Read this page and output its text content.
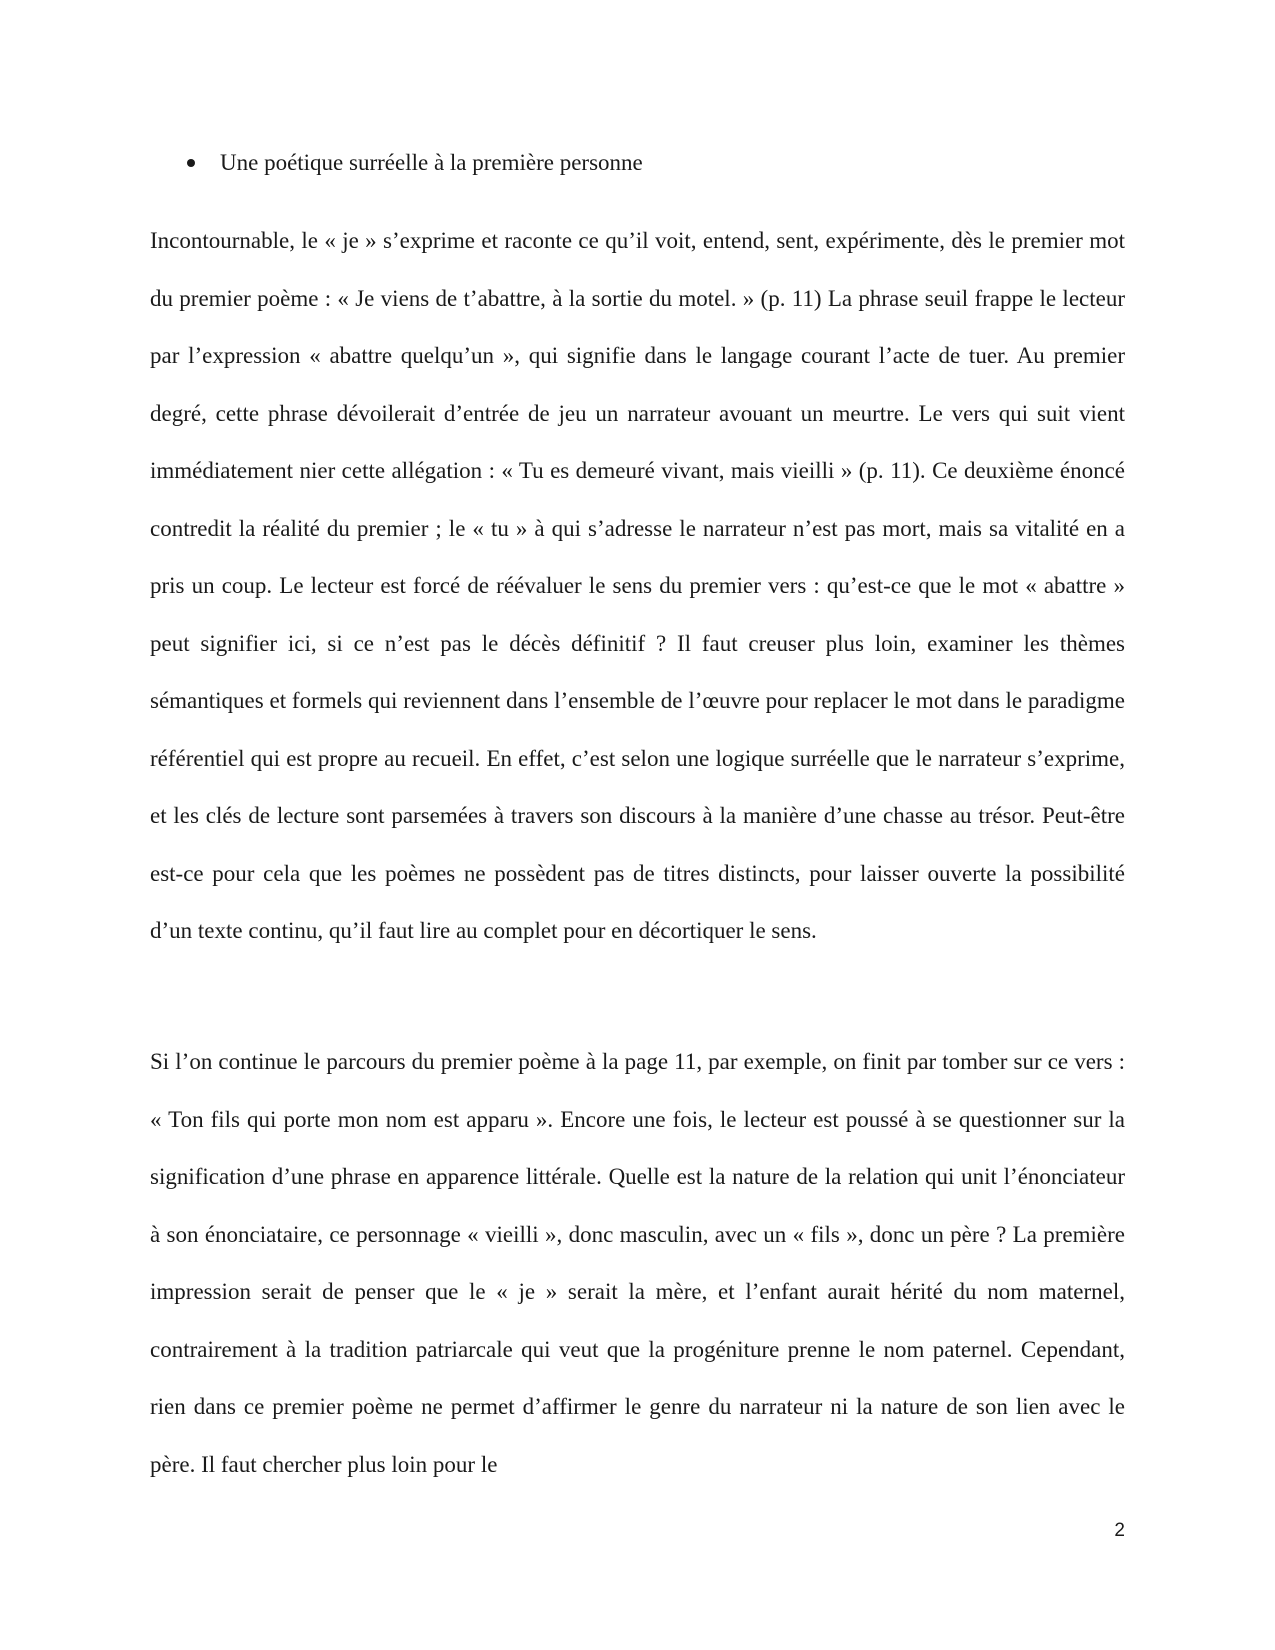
Une poétique surréelle à la première personne

Incontournable, le « je » s’exprime et raconte ce qu’il voit, entend, sent, expérimente, dès le premier mot du premier poème : « Je viens de t’abattre, à la sortie du motel. » (p. 11) La phrase seuil frappe le lecteur par l’expression « abattre quelqu’un », qui signifie dans le langage courant l’acte de tuer. Au premier degré, cette phrase dévoilerait d’entrée de jeu un narrateur avouant un meurtre. Le vers qui suit vient immédiatement nier cette allégation : « Tu es demeuré vivant, mais vieilli » (p. 11). Ce deuxième énoncé contredit la réalité du premier ; le « tu » à qui s’adresse le narrateur n’est pas mort, mais sa vitalité en a pris un coup. Le lecteur est forcé de réévaluer le sens du premier vers : qu’est-ce que le mot « abattre » peut signifier ici, si ce n’est pas le décès définitif ? Il faut creuser plus loin, examiner les thèmes sémantiques et formels qui reviennent dans l’ensemble de l’œuvre pour replacer le mot dans le paradigme référentiel qui est propre au recueil. En effet, c’est selon une logique surréelle que le narrateur s’exprime, et les clés de lecture sont parsemées à travers son discours à la manière d’une chasse au trésor. Peut-être est-ce pour cela que les poèmes ne possèdent pas de titres distincts, pour laisser ouverte la possibilité d’un texte continu, qu’il faut lire au complet pour en décortiquer le sens.

Si l’on continue le parcours du premier poème à la page 11, par exemple, on finit par tomber sur ce vers : « Ton fils qui porte mon nom est apparu ». Encore une fois, le lecteur est poussé à se questionner sur la signification d’une phrase en apparence littérale. Quelle est la nature de la relation qui unit l’énonciateur à son énonciataire, ce personnage « vieilli », donc masculin, avec un « fils », donc un père ? La première impression serait de penser que le « je » serait la mère, et l’enfant aurait hérité du nom maternel, contrairement à la tradition patriarcale qui veut que la progéniture prenne le nom paternel. Cependant, rien dans ce premier poème ne permet d’affirmer le genre du narrateur ni la nature de son lien avec le père. Il faut chercher plus loin pour le

2
